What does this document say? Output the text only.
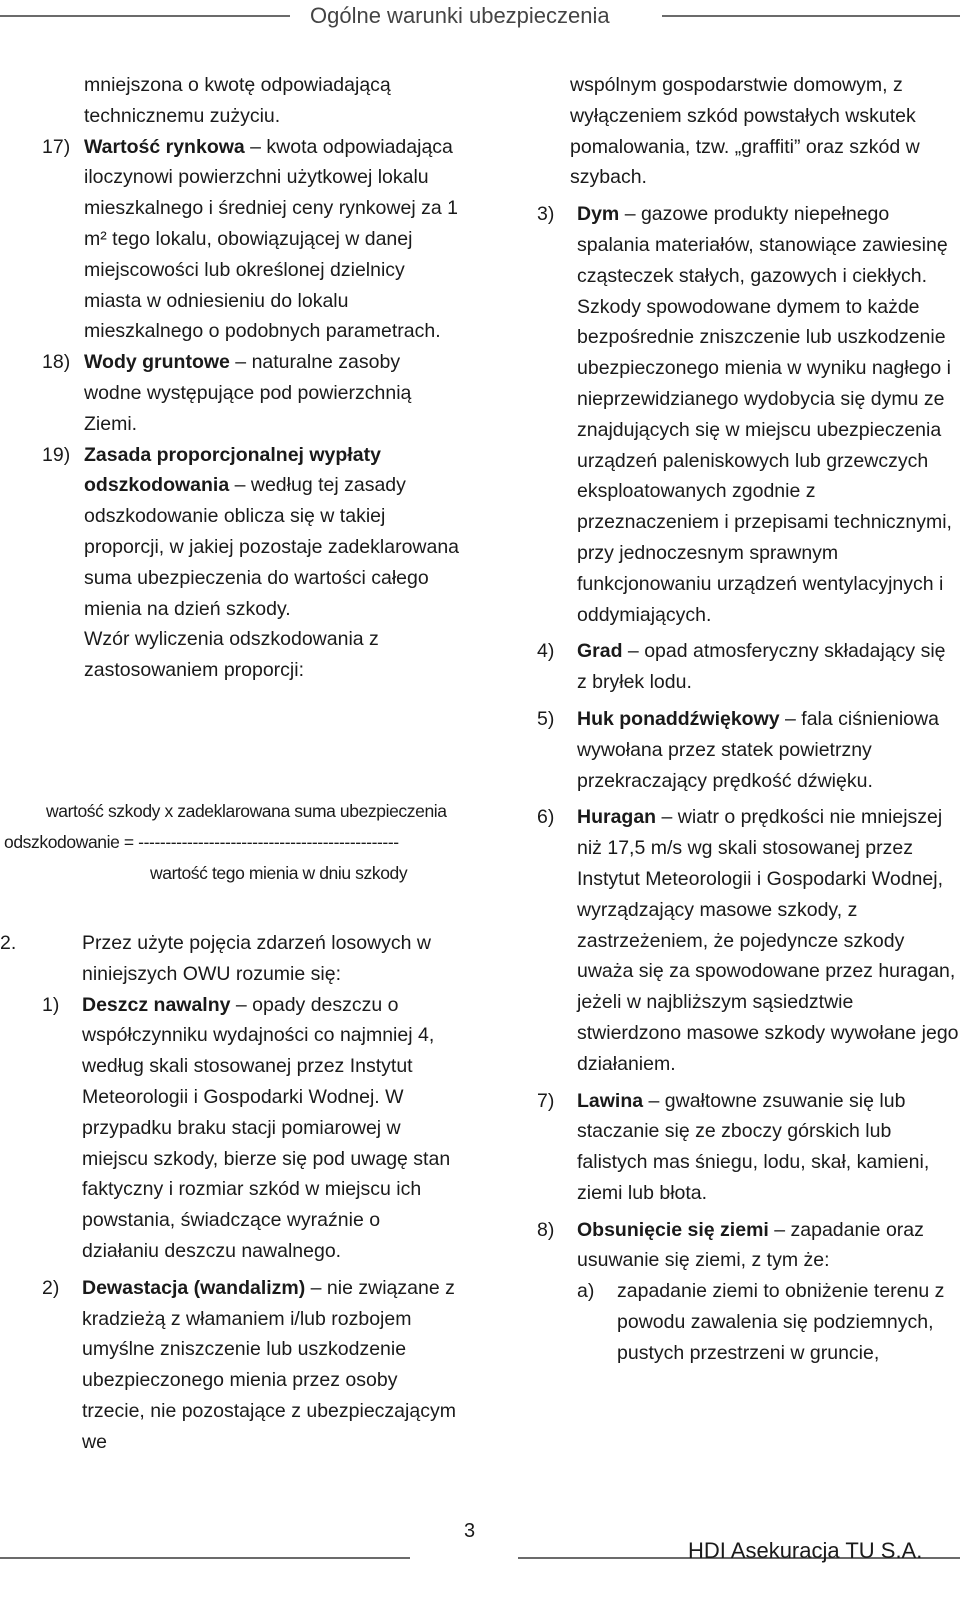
Ogólne warunki ubezpieczenia

mniejszona o kwotę odpowiadającą technicznemu zużyciu.

17) Wartość rynkowa – kwota odpowiadająca iloczynowi powierzchni użytkowej lokalu mieszkalnego i średniej ceny rynkowej za 1 m² tego lokalu, obowiązującej w danej miejscowości lub określonej dzielnicy miasta w odniesieniu do lokalu mieszkalnego o podobnych parametrach.
18) Wody gruntowe – naturalne zasoby wodne występujące pod powierzchnią Ziemi.
19) Zasada proporcjonalnej wypłaty odszkodowania – według tej zasady odszkodowanie oblicza się w takiej proporcji, w jakiej pozostaje zadeklarowana suma ubezpieczenia do wartości całego mienia na dzień szkody.

Wzór wyliczenia odszkodowania z zastosowaniem proporcji:

wartość szkody x zadeklarowana suma ubezpieczenia
odszkodowanie = ------------------------------------------------
wartość tego mienia w dniu szkody
2.	Przez użyte pojęcia zdarzeń losowych w niniejszych OWU rozumie się:
1) Deszcz nawalny – opady deszczu o współczynniku wydajności co najmniej 4, według skali stosowanej przez Instytut Meteorologii i Gospodarki Wodnej. W przypadku braku stacji pomiarowej w miejscu szkody, bierze się pod uwagę stan faktyczny i rozmiar szkód w miejscu ich powstania, świadczące wyraźnie o działaniu deszczu nawalnego.
2) Dewastacja (wandalizm) – nie związane z kradzieżą z włamaniem i/lub rozbojem umyślne zniszczenie lub uszkodzenie ubezpieczonego mienia przez osoby trzecie, nie pozostające z ubezpieczającym we

wspólnym gospodarstwie domowym, z wyłączeniem szkód powstałych wskutek pomalowania, tzw. „graffiti” oraz szkód w szybach.

3) Dym – gazowe produkty niepełnego spalania materiałów, stanowiące zawiesinę cząsteczek stałych, gazowych i ciekłych.

Szkody spowodowane dymem to każde bezpośrednie zniszczenie lub uszkodzenie ubezpieczonego mienia w wyniku nagłego i nieprzewidzianego wydobycia się dymu ze znajdujących się w miejscu ubezpieczenia urządzeń paleniskowych lub grzewczych eksploatowanych zgodnie z przeznaczeniem i przepisami technicznymi, przy jednoczesnym sprawnym funkcjonowaniu urządzeń wentylacyjnych i oddymiających.

4) Grad – opad atmosferyczny składający się z bryłek lodu.
5) Huk ponaddźwiękowy – fala ciśnieniowa wywołana przez statek powietrzny przekraczający prędkość dźwięku.
6) Huragan – wiatr o prędkości nie mniejszej niż 17,5 m/s wg skali stosowanej przez Instytut Meteorologii i Gospodarki Wodnej, wyrządzający masowe szkody, z zastrzeżeniem, że pojedyncze szkody uważa się za spowodowane przez huragan, jeżeli w najbliższym sąsiedztwie stwierdzono masowe szkody wywołane jego działaniem.
7) Lawina – gwałtowne zsuwanie się lub staczanie się ze zboczy górskich lub falistych mas śniegu, lodu, skał, kamieni, ziemi lub błota.
8) Obsunięcie się ziemi – zapadanie oraz usuwanie się ziemi, z tym że:
a) zapadanie ziemi to obniżenie terenu z powodu zawalenia się podziemnych, pustych przestrzeni w gruncie,
3
HDI Asekuracja TU S.A.
